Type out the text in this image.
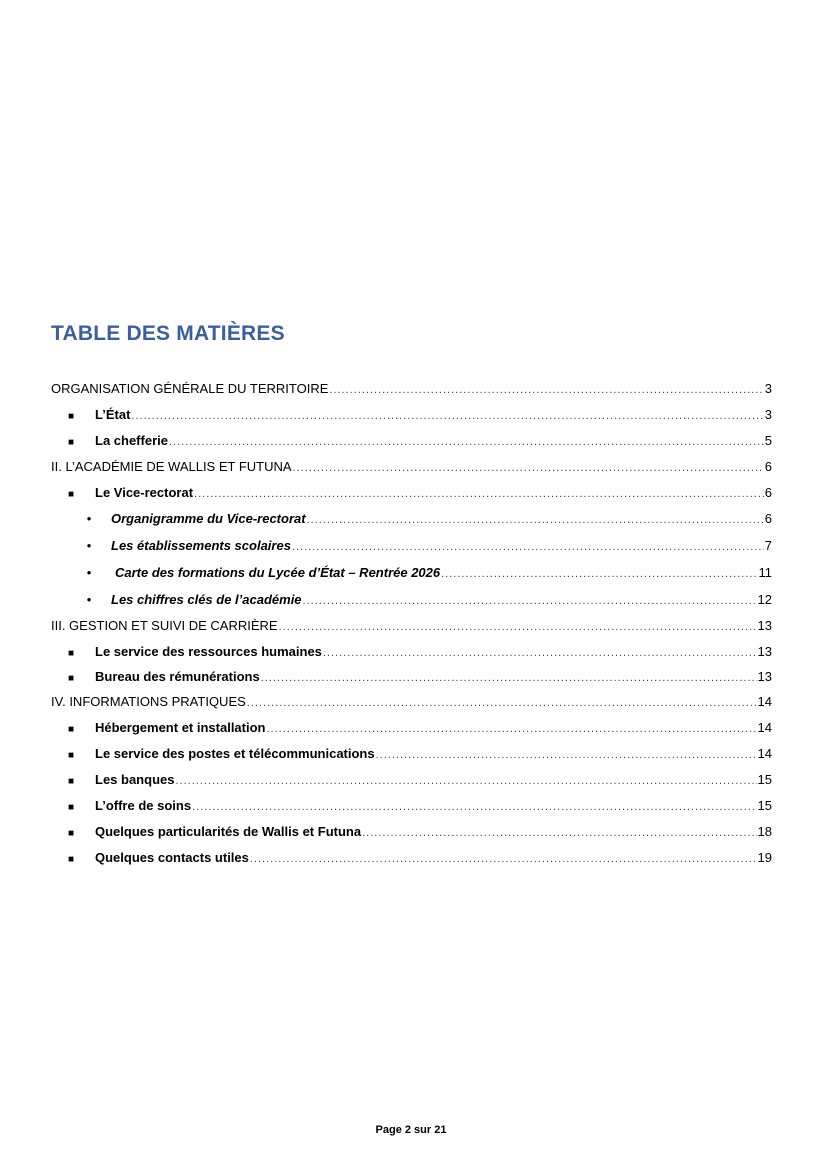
TABLE DES MATIÈRES
ORGANISATION GÉNÉRALE DU TERRITOIRE .....	3
■	L’État .....	3
■	La chefferie .....	5
II. L’ACADÉMIE DE WALLIS ET FUTUNA .....	6
■	Le Vice-rectorat .....	6
•	Organigramme du Vice-rectorat .....	6
•	Les établissements scolaires .....	7
•	Carte des formations du Lycée d’État – Rentrée 2026 .....	11
•	Les chiffres clés de l’académie .....	12
III. GESTION ET SUIVI DE CARRIÈRE .....	13
■	Le service des ressources humaines .....	13
■	Bureau des rémunérations .....	13
IV. INFORMATIONS PRATIQUES .....	14
■	Hébergement et installation .....	14
■	Le service des postes et télécommunications .....	14
■	Les banques .....	15
■	L’offre de soins .....	15
■	Quelques particularités de Wallis et Futuna .....	18
■	Quelques contacts utiles .....	19
Page 2 sur 21
